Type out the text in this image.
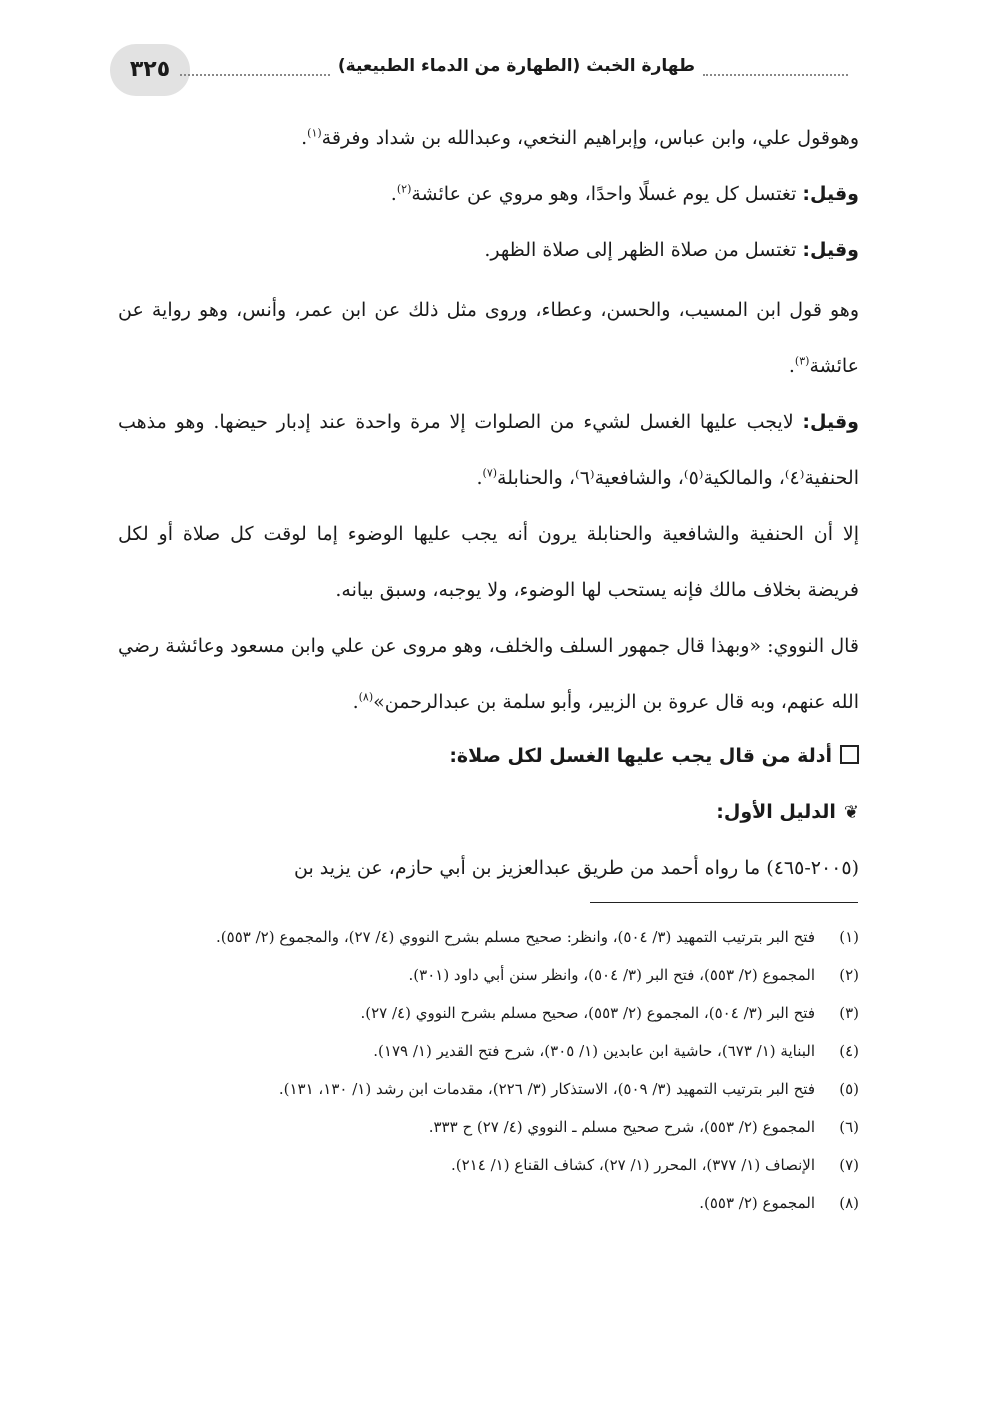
٣٢٥	طهارة الخبث (الطهارة من الدماء الطبيعية)
وهوقول علي، وابن عباس، وإبراهيم النخعي، وعبدالله بن شداد وفرقة$^{(١)}$.
وقيل: تغتسل كل يوم غسلًا واحدًا، وهو مروي عن عائشة$^{(٢)}$.
وقيل: تغتسل من صلاة الظهر إلى صلاة الظهر.
وهو قول ابن المسيب، والحسن، وعطاء، وروى مثل ذلك عن ابن عمر، وأنس، وهو رواية عن عائشة$^{(٣)}$.
وقيل: لايجب عليها الغسل لشيء من الصلوات إلا مرة واحدة عند إدبار حيضها. وهو مذهب الحنفية⁽٤⁾، والمالكية⁽٥⁾، والشافعية⁽٦⁾، والحنابلة$^{(٧)}$.
إلا أن الحنفية والشافعية والحنابلة يرون أنه يجب عليها الوضوء إما لوقت كل صلاة أو لكل فريضة بخلاف مالك فإنه يستحب لها الوضوء، ولا يوجبه، وسبق بيانه.
قال النووي: «وبهذا قال جمهور السلف والخلف، وهو مروى عن علي وابن مسعود وعائشة رضي الله عنهم، وبه قال عروة بن الزبير، وأبو سلمة بن عبدالرحمن»$^{(٨)}$.
أدلة من قال يجب عليها الغسل لكل صلاة:
❦الدليل الأول:
(٢٠٠٥-٤٦٥) ما رواه أحمد من طريق عبدالعزيز بن أبي حازم، عن يزيد بن
(١)
فتح البر بترتيب التمهيد (٣/ ٥٠٤)، وانظر: صحيح مسلم بشرح النووي (٤/ ٢٧)، والمجموع (٢/ ٥٥٣).
(٢)
المجموع (٢/ ٥٥٣)، فتح البر (٣/ ٥٠٤)، وانظر سنن أبي داود (٣٠١).
(٣)
فتح البر (٣/ ٥٠٤)، المجموع (٢/ ٥٥٣)، صحيح مسلم بشرح النووي (٤/ ٢٧).
(٤)
البناية (١/ ٦٧٣)، حاشية ابن عابدين (١/ ٣٠٥)، شرح فتح القدير (١/ ١٧٩).
(٥)
فتح البر بترتيب التمهيد (٣/ ٥٠٩)، الاستذكار (٣/ ٢٢٦)، مقدمات ابن رشد (١/ ١٣٠، ١٣١).
(٦)
المجموع (٢/ ٥٥٣)، شرح صحيح مسلم ـ النووي (٤/ ٢٧) ح ٣٣٣.
(٧)
الإنصاف (١/ ٣٧٧)، المحرر (١/ ٢٧)، كشاف القناع (١/ ٢١٤).
(٨)
المجموع (٢/ ٥٥٣).
